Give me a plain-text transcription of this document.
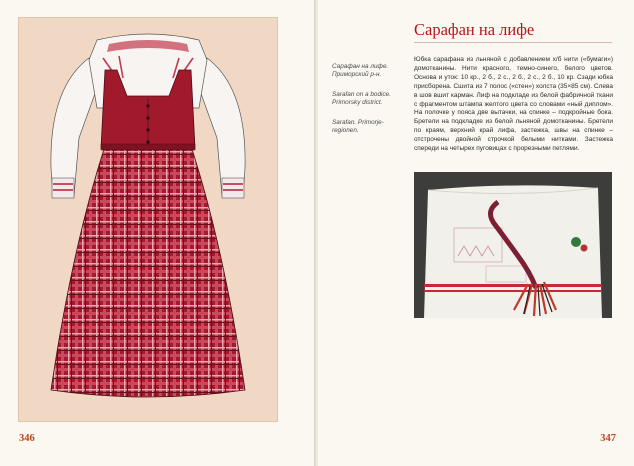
346

Сарафан на лифе. Приморский р-н.

Sarafan on a bodice. Primorsky district.

Sarafan. Primorje-regionen.

Сарафан на лифе
Юбка сарафана из льняной с добавлением х/б нити («бумаги») домотканины. Нити красного, темно-синего, белого цветов. Основа и уток: 10 кр., 2 б., 2 с., 2 б., 2 с., 2 б., 10 кр. Сзади юбка присборена. Сшита из 7 полос («стен») холста (35×85 см). Слева в шов вшит карман. Лиф на подкладе из белой фабричной ткани с фрагментом штампа желтого цвета со словами «ный диплом». На полочке у пояса две вытачки, на спинке – подкройные бока. Бретели на подкладке из белой льняной домотканины. Бретели по краям, верхний край лифа, застежка, швы на спинке – отстрочены двойной строчкой белыми нитками. Застежка спереди на четырех пуговицах с прорезными петлями.
347
